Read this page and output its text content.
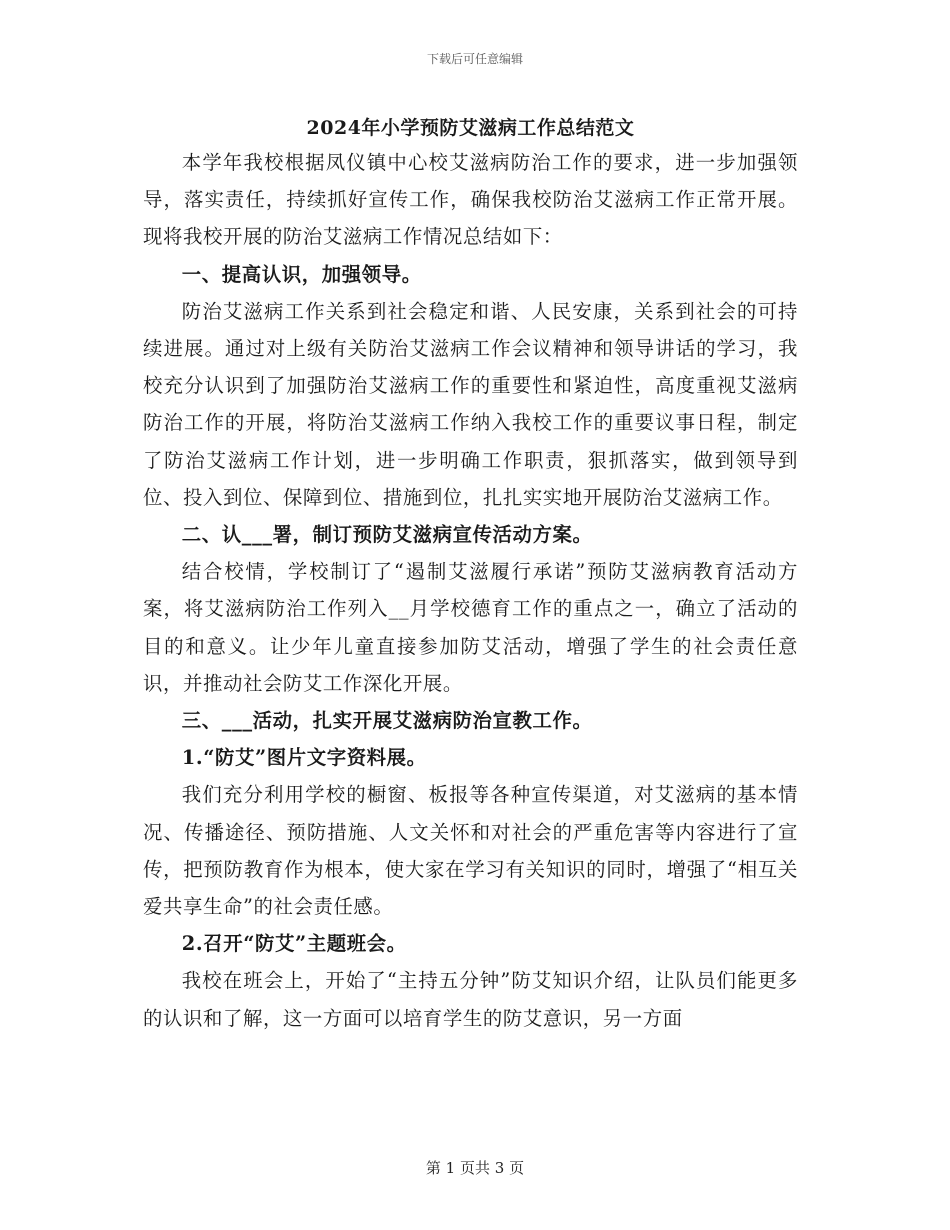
下载后可任意编辑
2024年小学预防艾滋病工作总结范文

本学年我校根据凤仪镇中心校艾滋病防治工作的要求，进一步加强领导，落实责任，持续抓好宣传工作，确保我校防治艾滋病工作正常开展。现将我校开展的防治艾滋病工作情况总结如下：

一、提高认识，加强领导。

防治艾滋病工作关系到社会稳定和谐、人民安康，关系到社会的可持续进展。通过对上级有关防治艾滋病工作会议精神和领导讲话的学习，我校充分认识到了加强防治艾滋病工作的重要性和紧迫性，高度重视艾滋病防治工作的开展，将防治艾滋病工作纳入我校工作的重要议事日程，制定了防治艾滋病工作计划，进一步明确工作职责，狠抓落实，做到领导到位、投入到位、保障到位、措施到位，扎扎实实地开展防治艾滋病工作。

二、认___署，制订预防艾滋病宣传活动方案。

结合校情，学校制订了“遏制艾滋履行承诺”预防艾滋病教育活动方案，将艾滋病防治工作列入__月学校德育工作的重点之一，确立了活动的目的和意义。让少年儿童直接参加防艾活动，增强了学生的社会责任意识，并推动社会防艾工作深化开展。

三、___活动，扎实开展艾滋病防治宣教工作。

1.“防艾”图片文字资料展。

我们充分利用学校的橱窗、板报等各种宣传渠道，对艾滋病的基本情况、传播途径、预防措施、人文关怀和对社会的严重危害等内容进行了宣传，把预防教育作为根本，使大家在学习有关知识的同时，增强了“相互关爱共享生命”的社会责任感。

2.召开“防艾”主题班会。

我校在班会上，开始了“主持五分钟”防艾知识介绍，让队员们能更多的认识和了解，这一方面可以培育学生的防艾意识，另一方面

第 1 页共 3 页
